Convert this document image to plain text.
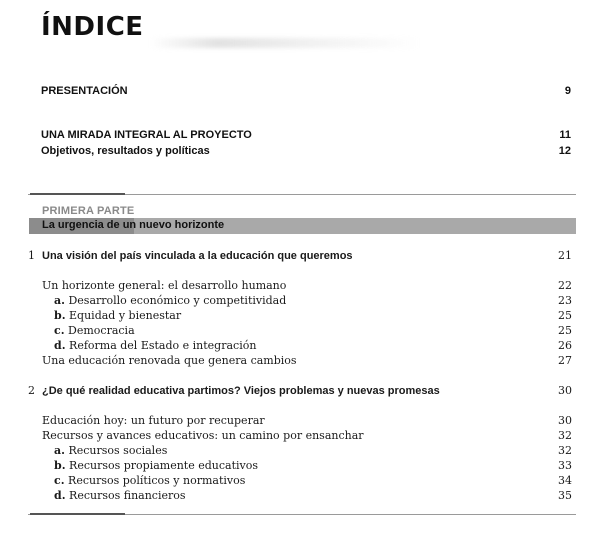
ÍNDICE
PRESENTACIÓN	9
UNA MIRADA INTEGRAL AL PROYECTO	11
Objetivos, resultados y políticas	12
PRIMERA PARTE
La urgencia de un nuevo horizonte
1 Una visión del país vinculada a la educación que queremos	21
Un horizonte general: el desarrollo humano	22
a. Desarrollo económico y competitividad	23
b. Equidad y bienestar	25
c. Democracia	25
d. Reforma del Estado e integración	26
Una educación renovada que genera cambios	27
2 ¿De qué realidad educativa partimos? Viejos problemas y nuevas promesas	30
Educación hoy: un futuro por recuperar	30
Recursos y avances educativos: un camino por ensanchar	32
a. Recursos sociales	32
b. Recursos propiamente educativos	33
c. Recursos políticos y normativos	34
d. Recursos financieros	35
